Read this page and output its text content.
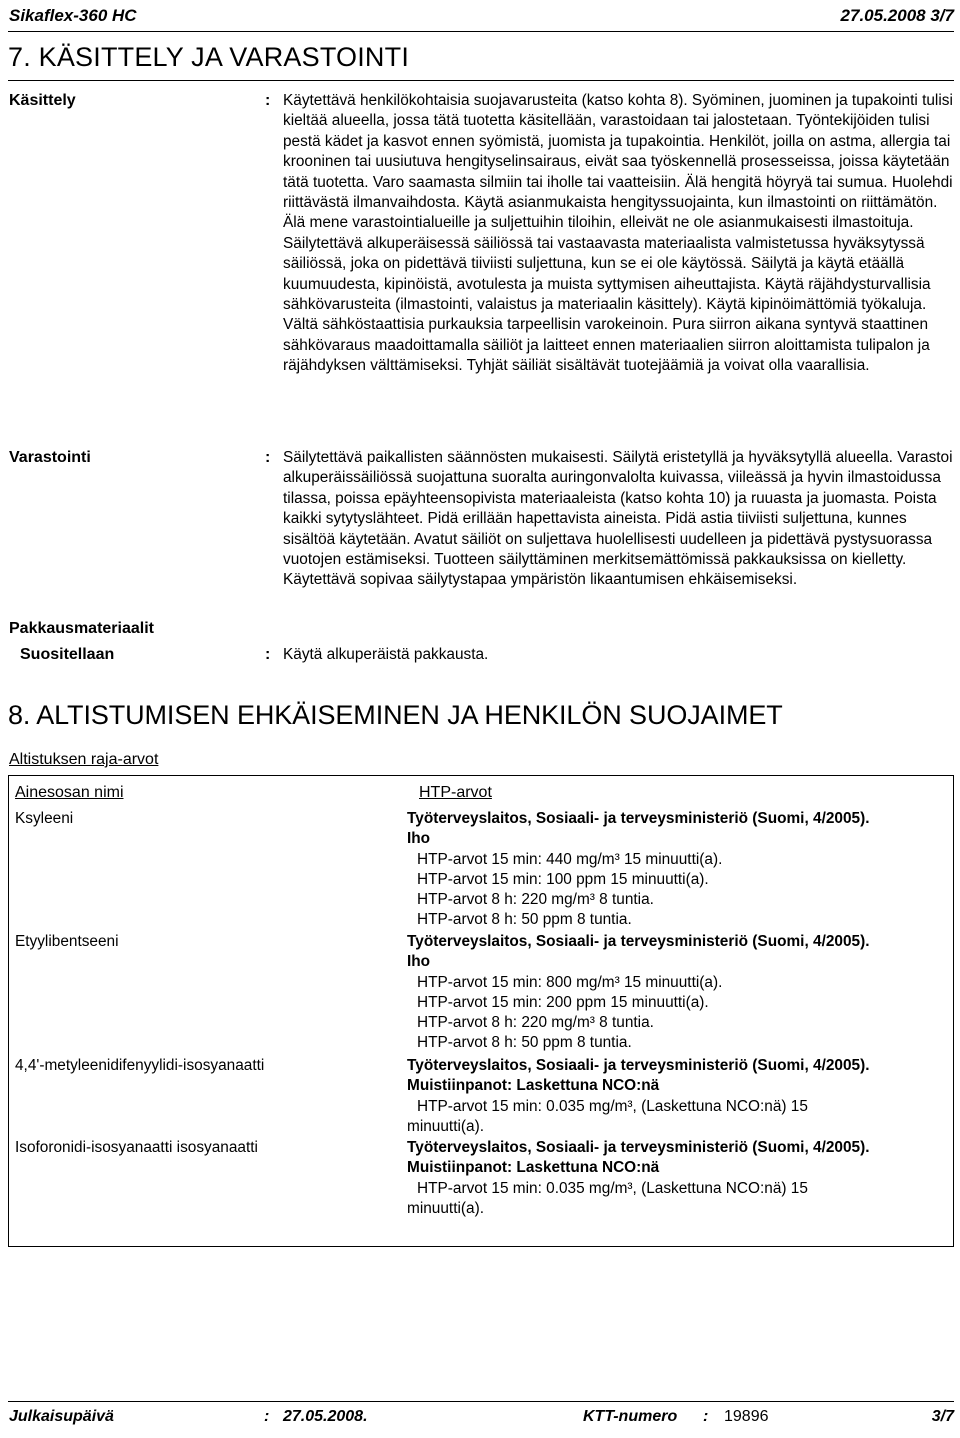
Sikaflex-360 HC	27.05.2008 3/7
7. KÄSITTELY JA VARASTOINTI
Käsittely	: Käytettävä henkilökohtaisia suojavarusteita (katso kohta 8). Syöminen, juominen ja tupakointi tulisi kieltää alueella, jossa tätä tuotetta käsitellään, varastoidaan tai jalostetaan. Työntekijöiden tulisi pestä kädet ja kasvot ennen syömistä, juomista ja tupakointia. Henkilöt, joilla on astma, allergia tai krooninen tai uusiutuva hengityselinsairaus, eivät saa työskennellä prosesseissa, joissa käytetään tätä tuotetta. Varo saamasta silmiin tai iholle tai vaatteisiin. Älä hengitä höyryä tai sumua. Huolehdi riittävästä ilmanvaihdosta. Käytä asianmukaista hengityssuojainta, kun ilmastointi on riittämätön. Älä mene varastointialueille ja suljettuihin tiloihin, elleivät ne ole asianmukaisesti ilmastoituja. Säilytettävä alkuperäisessä säiliössä tai vastaavasta materiaalista valmistetussa hyväksytyssä säiliössä, joka on pidettävä tiiviisti suljettuna, kun se ei ole käytössä. Säilytä ja käytä etäällä kuumuudesta, kipinöistä, avotulesta ja muista syttymisen aiheuttajista. Käytä räjähdysturvallisia sähkövarusteita (ilmastointi, valaistus ja materiaalin käsittely). Käytä kipinöimättömiä työkaluja. Vältä sähköstaattisia purkauksia tarpeellisin varokeinoin. Pura siirron aikana syntyvä staattinen sähkövaraus maadoittamalla säiliöt ja laitteet ennen materiaalien siirron aloittamista tulipalon ja räjähdyksen välttämiseksi. Tyhjät säiliät sisältävät tuotejäämiä ja voivat olla vaarallisia.
Varastointi	: Säilytettävä paikallisten säännösten mukaisesti. Säilytä eristetyllä ja hyväksytyllä alueella. Varastoi alkuperäissäiliössä suojattuna suoralta auringonvalolta kuivassa, viileässä ja hyvin ilmastoidussa tilassa, poissa epäyhteensopivista materiaaleista (katso kohta 10) ja ruuasta ja juomasta. Poista kaikki sytytyslähteet. Pidä erillään hapettavista aineista. Pidä astia tiiviisti suljettuna, kunnes sisältöä käytetään. Avatut säiliöt on suljettava huolellisesti uudelleen ja pidettävä pystysuorassa vuotojen estämiseksi. Tuotteen säilyttäminen merkitsemättömissä pakkauksissa on kielletty. Käytettävä sopivaa säilytystapaa ympäristön likaantumisen ehkäisemiseksi.
Pakkausmateriaalit
Suositellaan	: Käytä alkuperäistä pakkausta.
8. ALTISTUMISEN EHKÄISEMINEN JA HENKILÖN SUOJAIMET
Altistuksen raja-arvot
Ainesosan nimi	HTP-arvot
Ksyleeni	Työterveyslaitos, Sosiaali- ja terveysministeriö (Suomi, 4/2005).
Iho
HTP-arvot 15 min: 440 mg/m³ 15 minuutti(a).
HTP-arvot 15 min: 100 ppm 15 minuutti(a).
HTP-arvot 8 h: 220 mg/m³ 8 tuntia.
HTP-arvot 8 h: 50 ppm 8 tuntia.
Etyylibentseeni	Työterveyslaitos, Sosiaali- ja terveysministeriö (Suomi, 4/2005).
Iho
HTP-arvot 15 min: 800 mg/m³ 15 minuutti(a).
HTP-arvot 15 min: 200 ppm 15 minuutti(a).
HTP-arvot 8 h: 220 mg/m³ 8 tuntia.
HTP-arvot 8 h: 50 ppm 8 tuntia.
4,4'-metyleenidifenyylidi-isosyanaatti	Työterveyslaitos, Sosiaali- ja terveysministeriö (Suomi, 4/2005).
Muistiinpanot: Laskettuna NCO:nä
HTP-arvot 15 min: 0.035 mg/m³, (Laskettuna NCO:nä) 15
minuutti(a).
Isoforonidi-isosyanaatti isosyanaatti	Työterveyslaitos, Sosiaali- ja terveysministeriö (Suomi, 4/2005).
Muistiinpanot: Laskettuna NCO:nä
HTP-arvot 15 min: 0.035 mg/m³, (Laskettuna NCO:nä) 15
minuutti(a).
Julkaisupäivä	: 27.05.2008.	KTT-numero : 19896	3/7
